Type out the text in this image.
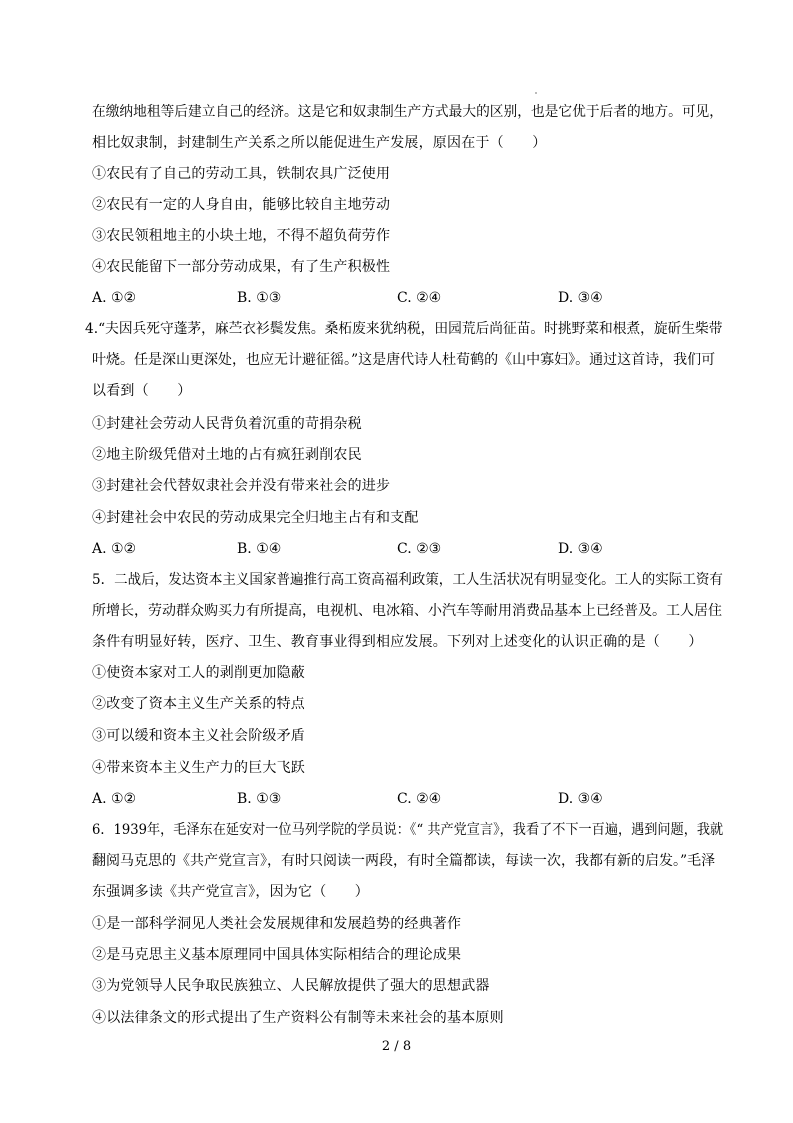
在缴纳地租等后建立自己的经济。这是它和奴隶制生产方式最大的区别，也是它优于后者的地方。可见，
相比奴隶制，封建制生产关系之所以能促进生产发展，原因在于（　　）
①农民有了自己的劳动工具，铁制农具广泛使用
②农民有一定的人身自由，能够比较自主地劳动
③农民领租地主的小块土地，不得不超负荷劳作
④农民能留下一部分劳动成果，有了生产积极性
A. ①②	B. ①③	C. ②④	D. ③④
4.“夫因兵死守蓬茅，麻苎衣衫鬓发焦。桑柘废来犹纳税，田园荒后尚征苗。时挑野菜和根煮，旋斫生柴带
叶烧。任是深山更深处，也应无计避征徭。”这是唐代诗人杜荀鹤的《山中寡妇》。通过这首诗，我们可
以看到（　　）
①封建社会劳动人民背负着沉重的苛捐杂税
②地主阶级凭借对土地的占有疯狂剥削农民
③封建社会代替奴隶社会并没有带来社会的进步
④封建社会中农民的劳动成果完全归地主占有和支配
A. ①②	B. ①④	C. ②③	D. ③④
5．二战后，发达资本主义国家普遍推行高工资高福利政策，工人生活状况有明显变化。工人的实际工资有
所增长，劳动群众购买力有所提高，电视机、电冰箱、小汽车等耐用消费品基本上已经普及。工人居住
条件有明显好转，医疗、卫生、教育事业得到相应发展。下列对上述变化的认识正确的是（　　）
①使资本家对工人的剥削更加隐蔽
②改变了资本主义生产关系的特点
③可以缓和资本主义社会阶级矛盾
④带来资本主义生产力的巨大飞跃
A. ①②	B. ①③	C. ②④	D. ③④
6．1939年，毛泽东在延安对一位马列学院的学员说：《“ 共产党宣言》，我看了不下一百遍，遇到问题，我就
翻阅马克思的《共产党宣言》，有时只阅读一两段，有时全篇都读，每读一次，我都有新的启发。”毛泽
东强调多读《共产党宣言》，因为它（　　）
①是一部科学洞见人类社会发展规律和发展趋势的经典著作
②是马克思主义基本原理同中国具体实际相结合的理论成果
③为党领导人民争取民族独立、人民解放提供了强大的思想武器
④以法律条文的形式提出了生产资料公有制等未来社会的基本原则
2 / 8
